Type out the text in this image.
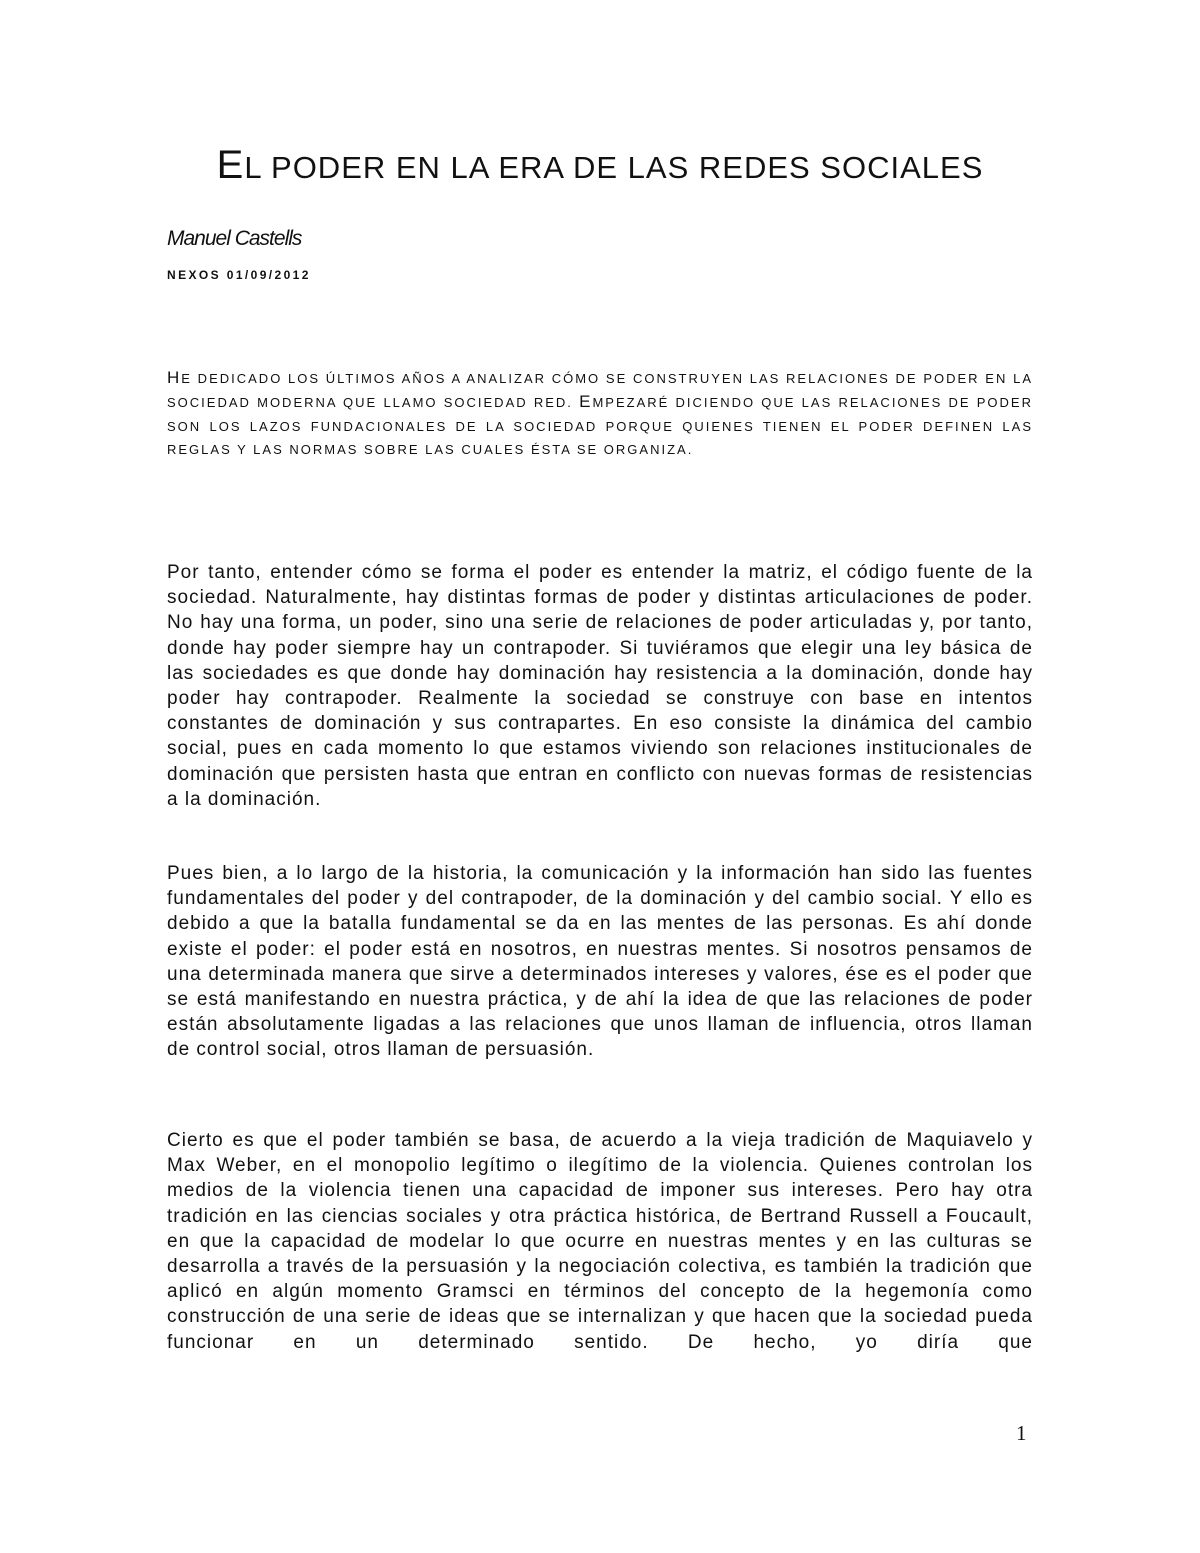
EL PODER EN LA ERA DE LAS REDES SOCIALES

Manuel Castells

NEXOS 01/09/2012

HE DEDICADO LOS ÚLTIMOS AÑOS A ANALIZAR CÓMO SE CONSTRUYEN LAS RELACIONES DE PODER EN LA SOCIEDAD MODERNA QUE LLAMO SOCIEDAD RED. EMPEZARÉ DICIENDO QUE LAS RELACIONES DE PODER SON LOS LAZOS FUNDACIONALES DE LA SOCIEDAD PORQUE QUIENES TIENEN EL PODER DEFINEN LAS REGLAS Y LAS NORMAS SOBRE LAS CUALES ÉSTA SE ORGANIZA.

Por tanto, entender cómo se forma el poder es entender la matriz, el código fuente de la sociedad. Naturalmente, hay distintas formas de poder y distintas articulaciones de poder. No hay una forma, un poder, sino una serie de relaciones de poder articuladas y, por tanto, donde hay poder siempre hay un contrapoder. Si tuviéramos que elegir una ley básica de las sociedades es que donde hay dominación hay resistencia a la dominación, donde hay poder hay contrapoder. Realmente la sociedad se construye con base en intentos constantes de dominación y sus contrapartes. En eso consiste la dinámica del cambio social, pues en cada momento lo que estamos viviendo son relaciones institucionales de dominación que persisten hasta que entran en conflicto con nuevas formas de resistencias a la dominación.

Pues bien, a lo largo de la historia, la comunicación y la información han sido las fuentes fundamentales del poder y del contrapoder, de la dominación y del cambio social. Y ello es debido a que la batalla fundamental se da en las mentes de las personas. Es ahí donde existe el poder: el poder está en nosotros, en nuestras mentes. Si nosotros pensamos de una determinada manera que sirve a determinados intereses y valores, ése es el poder que se está manifestando en nuestra práctica, y de ahí la idea de que las relaciones de poder están absolutamente ligadas a las relaciones que unos llaman de influencia, otros llaman de control social, otros llaman de persuasión.

Cierto es que el poder también se basa, de acuerdo a la vieja tradición de Maquiavelo y Max Weber, en el monopolio legítimo o ilegítimo de la violencia. Quienes controlan los medios de la violencia tienen una capacidad de imponer sus intereses. Pero hay otra tradición en las ciencias sociales y otra práctica histórica, de Bertrand Russell a Foucault, en que la capacidad de modelar lo que ocurre en nuestras mentes y en las culturas se desarrolla a través de la persuasión y la negociación colectiva, es también la tradición que aplicó en algún momento Gramsci en términos del concepto de la hegemonía como construcción de una serie de ideas que se internalizan y que hacen que la sociedad pueda funcionar en un determinado sentido. De hecho, yo diría que

1
